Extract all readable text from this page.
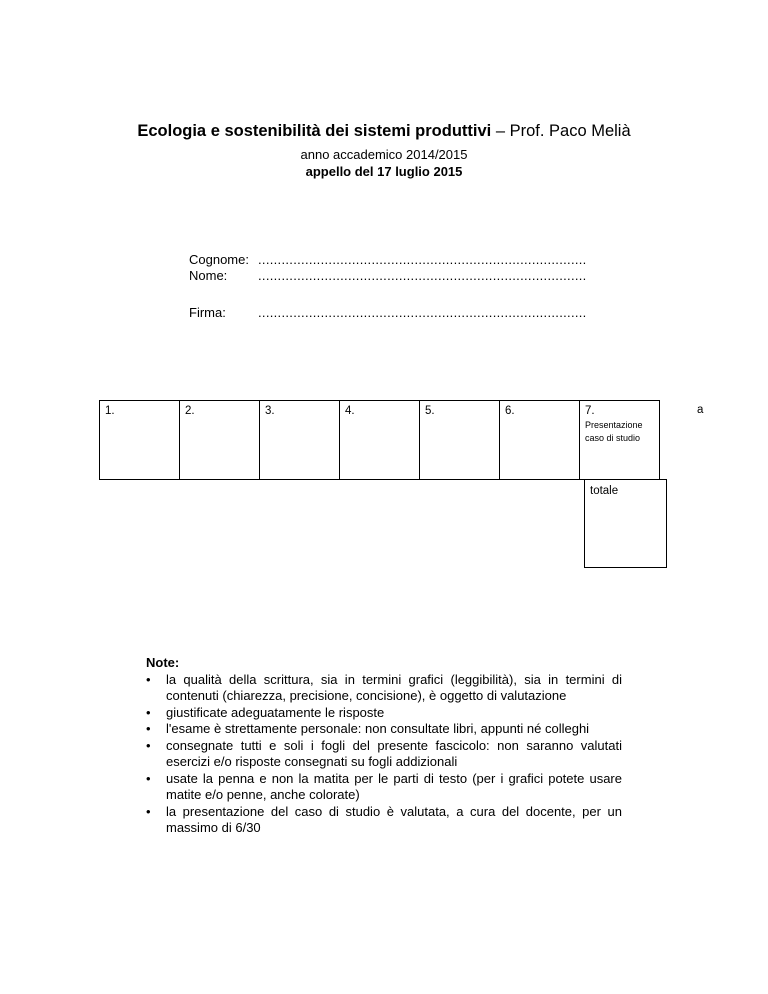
Ecologia e sostenibilità dei sistemi produttivi – Prof. Paco Melià
anno accademico 2014/2015
appello del 17 luglio 2015
Cognome: ....................................................................................
Nome: ....................................................................................
Firma: ....................................................................................
1.	2.	3.	4.	5.	6.	7.
Presentazione caso di studio
a
totale
Note:
• la qualità della scrittura, sia in termini grafici (leggibilità), sia in termini di contenuti (chiarezza, precisione, concisione), è oggetto di valutazione
• giustificate adeguatamente le risposte
• l'esame è strettamente personale: non consultate libri, appunti né colleghi
• consegnate tutti e soli i fogli del presente fascicolo: non saranno valutati esercizi e/o risposte consegnati su fogli addizionali
• usate la penna e non la matita per le parti di testo (per i grafici potete usare matite e/o penne, anche colorate)
• la presentazione del caso di studio è valutata, a cura del docente, per un massimo di 6/30
